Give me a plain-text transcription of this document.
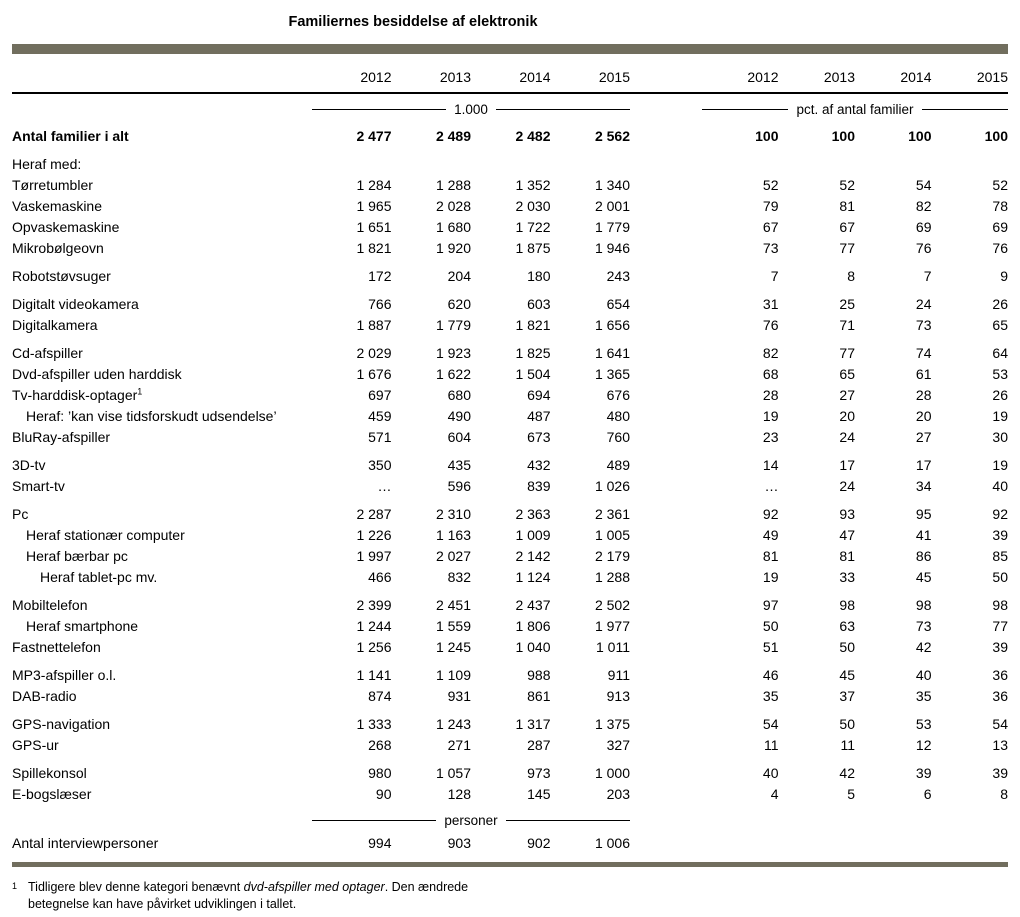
Familiernes besiddelse af elektronik
2012	2013	2014	2015	2012	2013	2014	2015
1.000	pct. af antal familier
Antal familier i alt	2 477	2 489	2 482	2 562	100	100	100	100
Heraf med:
Tørretumbler	1 284	1 288	1 352	1 340	52	52	54	52
Vaskemaskine	1 965	2 028	2 030	2 001	79	81	82	78
Opvaskemaskine	1 651	1 680	1 722	1 779	67	67	69	69
Mikrobølgeovn	1 821	1 920	1 875	1 946	73	77	76	76
Robotstøvsuger	172	204	180	243	7	8	7	9
Digitalt videokamera	766	620	603	654	31	25	24	26
Digitalkamera	1 887	1 779	1 821	1 656	76	71	73	65
Cd-afspiller	2 029	1 923	1 825	1 641	82	77	74	64
Dvd-afspiller uden harddisk	1 676	1 622	1 504	1 365	68	65	61	53
Tv-harddisk-optager$^1$	697	680	694	676	28	27	28	26
Heraf: ’kan vise tidsforskudt udsendelse’	459	490	487	480	19	20	20	19
BluRay-afspiller	571	604	673	760	23	24	27	30
3D-tv	350	435	432	489	14	17	17	19
Smart-tv	…	596	839	1 026	…	24	34	40
Pc	2 287	2 310	2 363	2 361	92	93	95	92
Heraf stationær computer	1 226	1 163	1 009	1 005	49	47	41	39
Heraf bærbar pc	1 997	2 027	2 142	2 179	81	81	86	85
Heraf tablet-pc mv.	466	832	1 124	1 288	19	33	45	50
Mobiltelefon	2 399	2 451	2 437	2 502	97	98	98	98
Heraf smartphone	1 244	1 559	1 806	1 977	50	63	73	77
Fastnettelefon	1 256	1 245	1 040	1 011	51	50	42	39
MP3-afspiller o.l.	1 141	1 109	988	911	46	45	40	36
DAB-radio	874	931	861	913	35	37	35	36
GPS-navigation	1 333	1 243	1 317	1 375	54	50	53	54
GPS-ur	268	271	287	327	11	11	12	13
Spillekonsol	980	1 057	973	1 000	40	42	39	39
E-bogslæser	90	128	145	203	4	5	6	8
personer
Antal interviewpersoner	994	903	902	1 006
1 Tidligere blev denne kategori benævnt dvd-afspiller med optager. Den ændrede betegnelse kan have påvirket udviklingen i tallet.
